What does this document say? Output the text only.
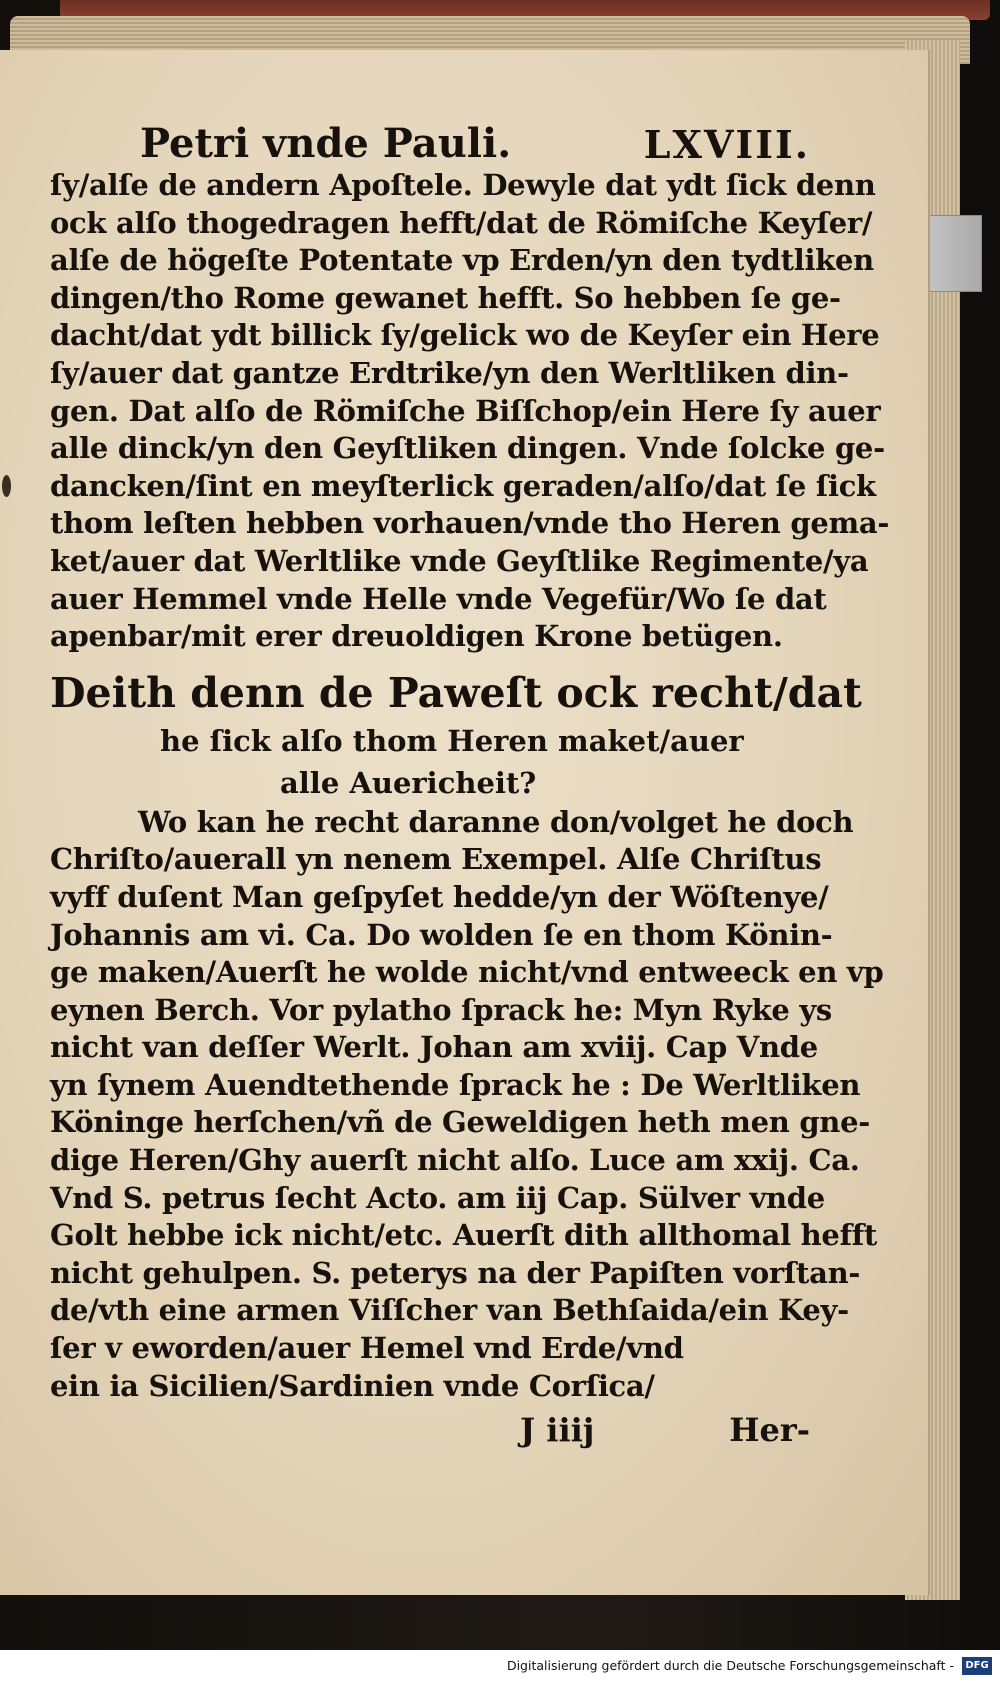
Petri vnde Pauli.	LXVIII.
ſy/alſe de andern Apoſtele. Dewyle dat ydt ſick denn
ock alſo thogedragen hefft/dat de Römiſche Keyſer/
alſe de högeſte Potentate vp Erden/yn den tydtliken
dingen/tho Rome gewanet hefft. So hebben ſe ge-
dacht/dat ydt billick ſy/gelick wo de Keyſer ein Here
ſy/auer dat gantze Erdtrike/yn den Werltliken din-
gen. Dat alſo de Römiſche Biſſchop/ein Here ſy auer
alle dinck/yn den Geyſtliken dingen. Vnde ſolcke ge-
dancken/ſint en meyſterlick geraden/alſo/dat ſe ſick
thom leſten hebben vorhauen/vnde tho Heren gema-
ket/auer dat Werltlike vnde Geyſtlike Regimente/ya
auer Hemmel vnde Helle vnde Vegefür/Wo ſe dat
apenbar/mit erer dreuoldigen Krone betügen.
Deith denn de Paweſt ock recht/dat
he ſick alſo thom Heren maket/auer
alle Auericheit?
Wo kan he recht daranne don/volget he doch
Chriſto/auerall yn nenem Exempel. Alſe Chriſtus
vyff duſent Man geſpyſet hedde/yn der Wöſtenye/
Johannis am vi. Ca. Do wolden ſe en thom Könin-
ge maken/Auerſt he wolde nicht/vnd entweeck en vp
eynen Berch. Vor pylatho ſprack he: Myn Ryke ys
nicht van deſſer Werlt. Johan am xviij. Cap Vnde
yn ſynem Auendtethende ſprack he : De Werltliken
Köninge herſchen/vñ de Geweldigen heth men gne-
dige Heren/Ghy auerſt nicht alſo. Luce am xxij. Ca.
Vnd S. petrus ſecht Acto. am iij Cap. Sülver vnde
Golt hebbe ick nicht/etc. Auerſt dith allthomal hefft
nicht gehulpen. S. peterys na der Papiſten vorſtan-
de/vth eine armen Viſſcher van Bethſaida/ein Key-
ſer v eworden/auer Hemel vnd Erde/vnd
ein ia Sicilien/Sardinien vnde Corſica/
J iiij	Her-
Digitalisierung gefördert durch die Deutsche Forschungsgemeinschaft -	DFG
